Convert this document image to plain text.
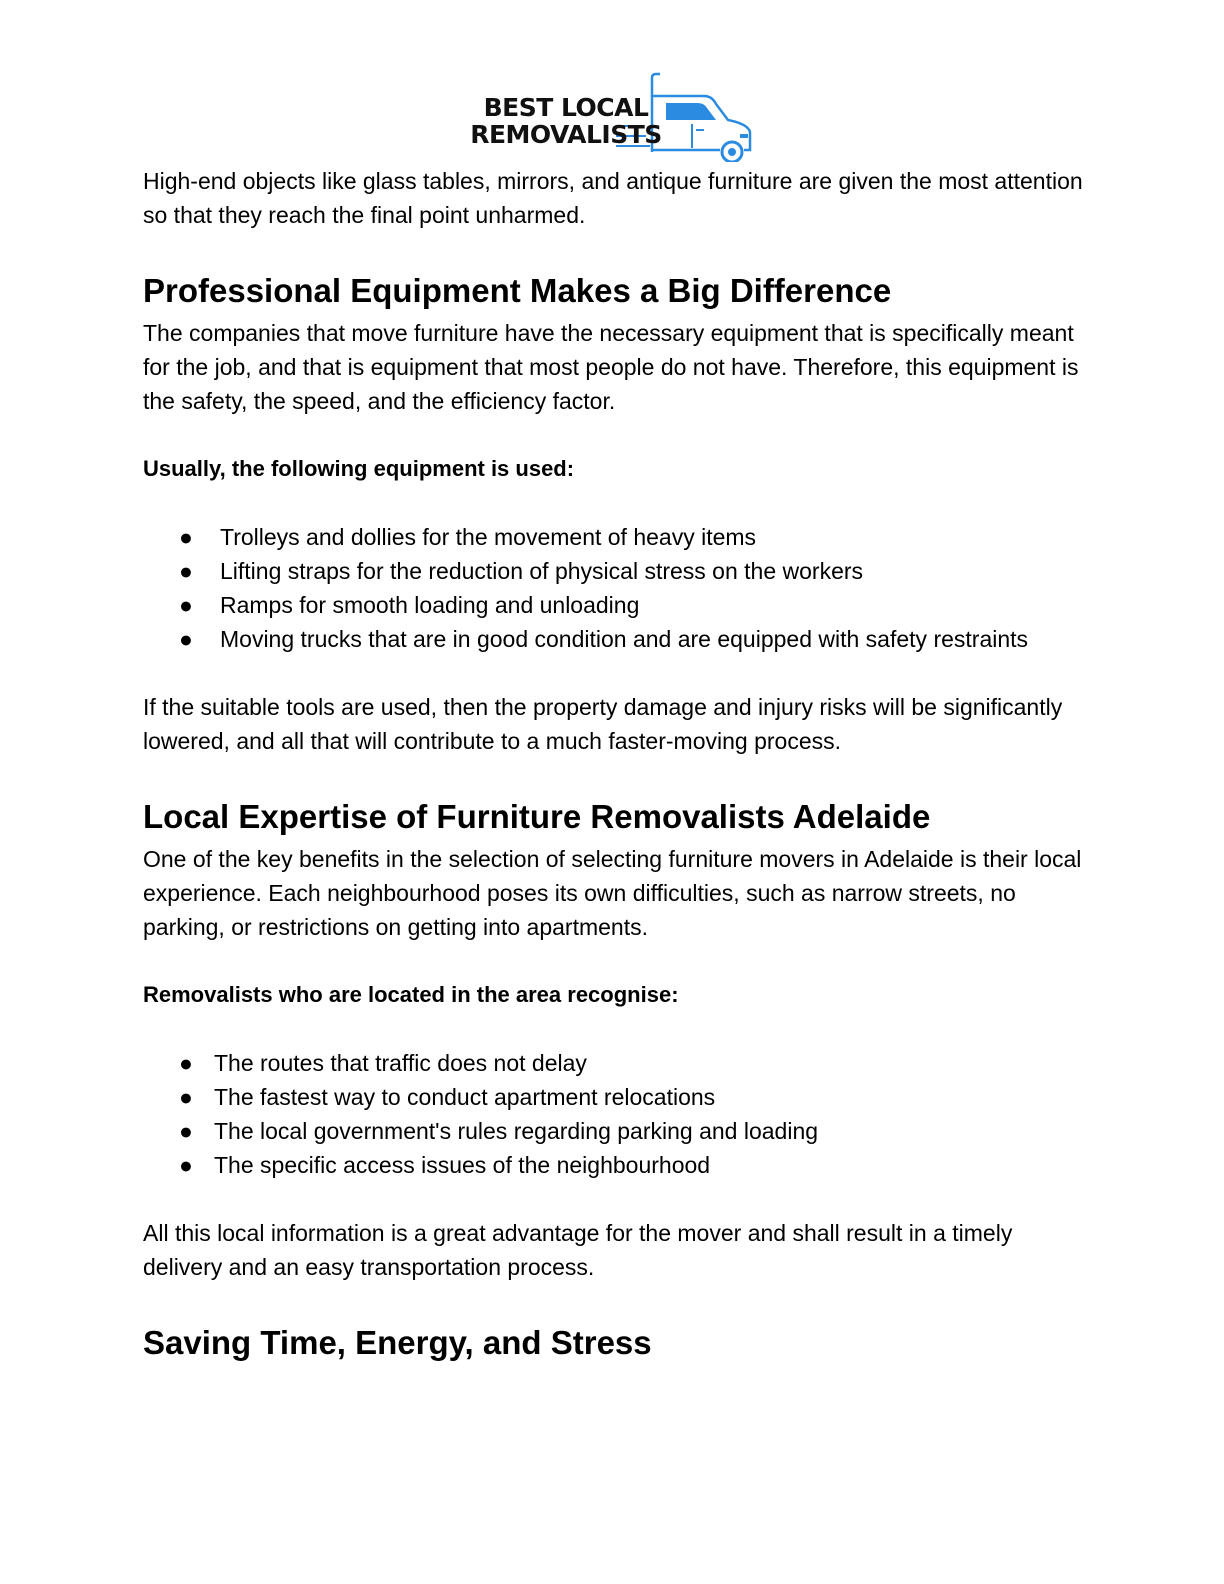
BEST LOCAL
REMOVALISTS

High-end objects like glass tables, mirrors, and antique furniture are given the most attention so that they reach the final point unharmed.

Professional Equipment Makes a Big Difference

The companies that move furniture have the necessary equipment that is specifically meant for the job, and that is equipment that most people do not have. Therefore, this equipment is the safety, the speed, and the efficiency factor.

Usually, the following equipment is used:

● Trolleys and dollies for the movement of heavy items
● Lifting straps for the reduction of physical stress on the workers
● Ramps for smooth loading and unloading
● Moving trucks that are in good condition and are equipped with safety restraints

If the suitable tools are used, then the property damage and injury risks will be significantly lowered, and all that will contribute to a much faster-moving process.

Local Expertise of Furniture Removalists Adelaide

One of the key benefits in the selection of selecting furniture movers in Adelaide is their local experience. Each neighbourhood poses its own difficulties, such as narrow streets, no parking, or restrictions on getting into apartments.

Removalists who are located in the area recognise:

● The routes that traffic does not delay
● The fastest way to conduct apartment relocations
● The local government's rules regarding parking and loading
● The specific access issues of the neighbourhood

All this local information is a great advantage for the mover and shall result in a timely delivery and an easy transportation process.

Saving Time, Energy, and Stress
